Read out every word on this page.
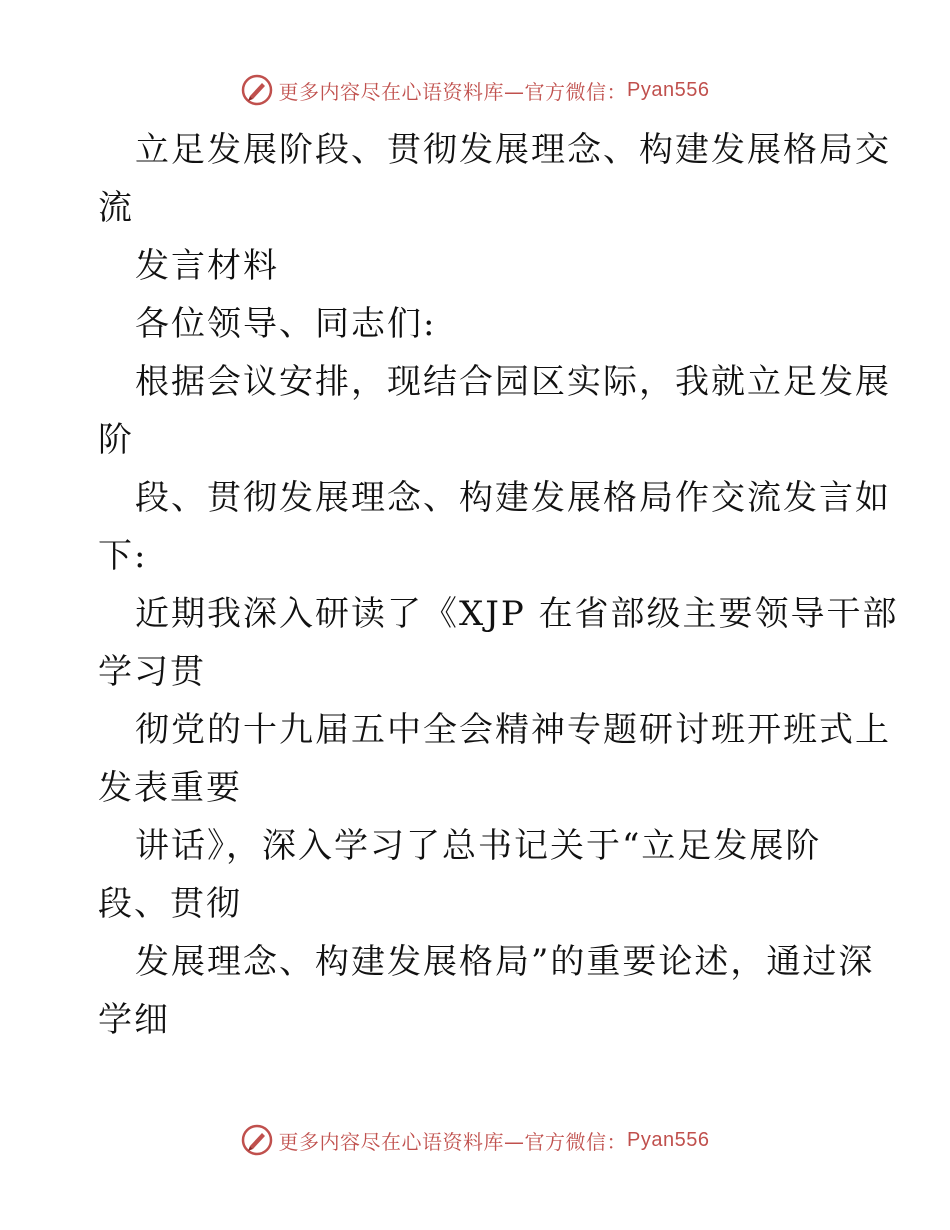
更多内容尽在心语资料库—官方微信： Pyan556
立足发展阶段、贯彻发展理念、构建发展格局交
流
发言材料
各位领导、同志们:
根据会议安排，现结合园区实际，我就立足发展
阶
段、贯彻发展理念、构建发展格局作交流发言如
下:
近期我深入研读了《XJP 在省部级主要领导干部
学习贯
彻党的十九届五中全会精神专题研讨班开班式上
发表重要
讲话》，深入学习了总书记关于“立足发展阶
段、贯彻
发展理念、构建发展格局”的重要论述，通过深
学细
更多内容尽在心语资料库—官方微信： Pyan556
